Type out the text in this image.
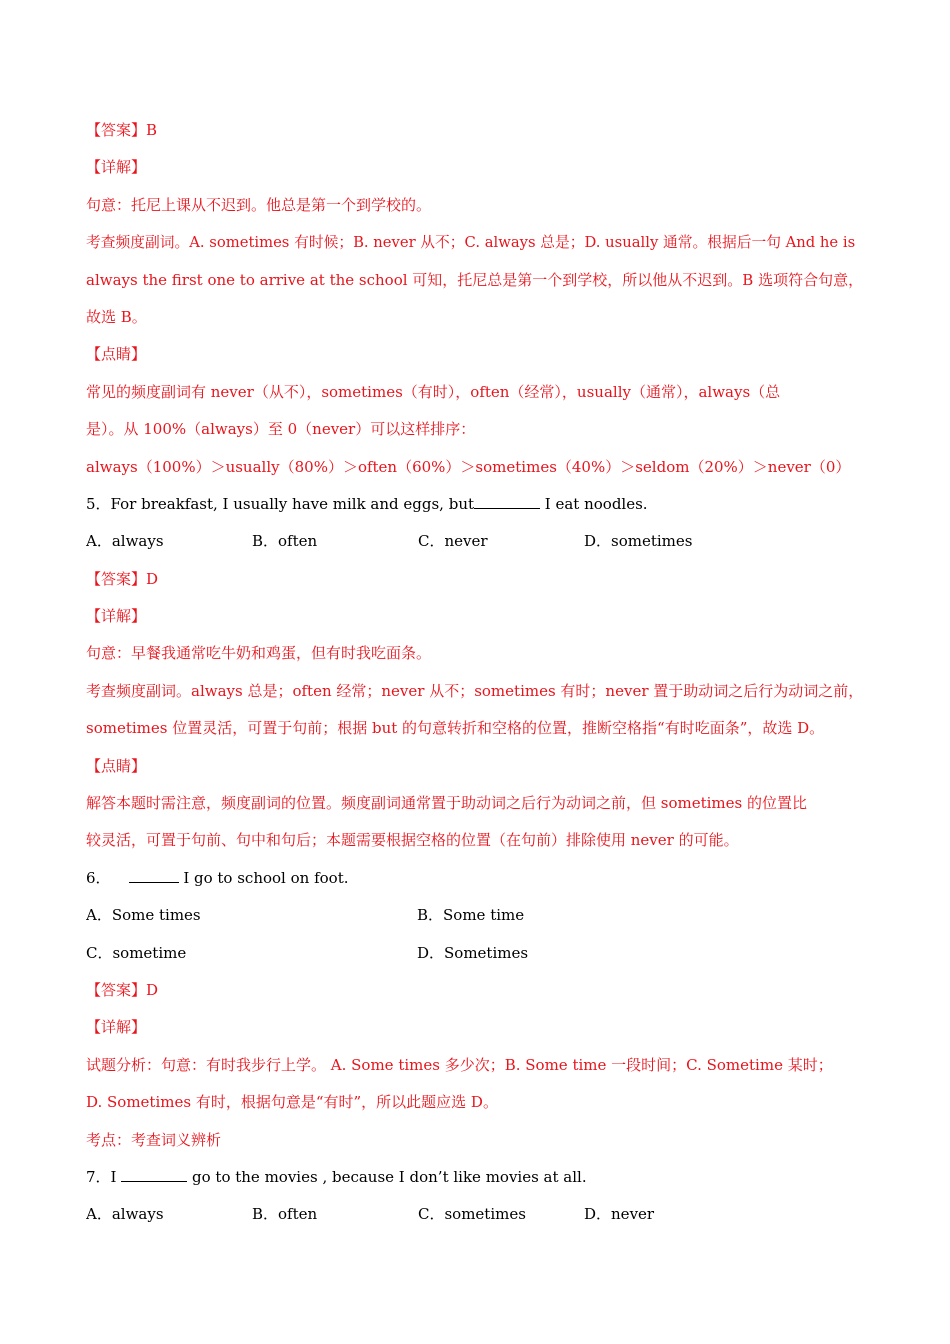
【答案】B
【详解】
句意：托尼上课从不迟到。他总是第一个到学校的。
考查频度副词。A. sometimes 有时候；B. never 从不；C. always 总是；D. usually 通常。根据后一句 And he is
always the first one to arrive at the school 可知，托尼总是第一个到学校，所以他从不迟到。B 选项符合句意，
故选 B。
【点睛】
常见的频度副词有 never（从不），sometimes（有时），often（经常），usually（通常），always（总
是）。从 100%（always）至 0（never）可以这样排序：
always（100%）＞usually（80%）＞often（60%）＞sometimes（40%）＞seldom（20%）＞never（0）
5．For breakfast, I usually have milk and eggs, but	I eat noodles.
A．always	B．often	C．never	D．sometimes
【答案】D
【详解】
句意：早餐我通常吃牛奶和鸡蛋，但有时我吃面条。
考查频度副词。always 总是；often 经常；never 从不；sometimes 有时；never 置于助动词之后行为动词之前，
sometimes 位置灵活，可置于句前；根据 but 的句意转折和空格的位置，推断空格指“有时吃面条”，故选 D。
【点睛】
解答本题时需注意，频度副词的位置。频度副词通常置于助动词之后行为动词之前，但 sometimes 的位置比
较灵活，可置于句前、句中和句后；本题需要根据空格的位置（在句前）排除使用 never 的可能。
6．	I go to school on foot.
A．Some times	B．Some time
C．sometime	D．Sometimes
【答案】D
【详解】
试题分析：句意：有时我步行上学。 A. Some times 多少次；B. Some time 一段时间；C. Sometime 某时；
D. Sometimes 有时，根据句意是“有时”，所以此题应选 D。
考点：考查词义辨析
7．I	go to the movies , because I don’t like movies at all.
A．always	B．often	C．sometimes	D．never
